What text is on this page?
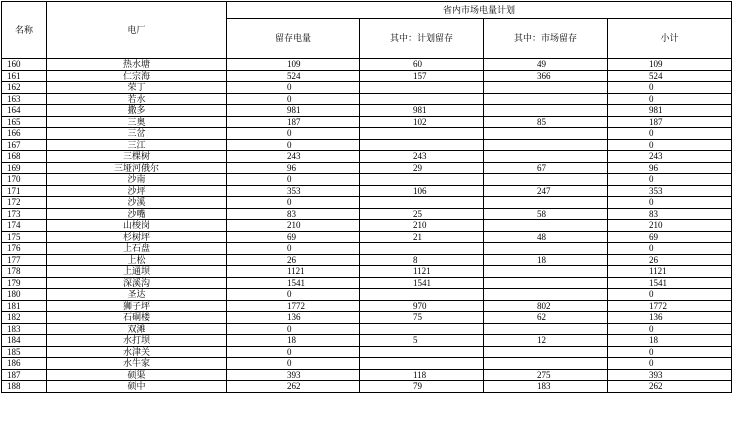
名称	电厂	省内市场电量计划			
		留存电量	其中：计划留存	其中：市场留存	小计
160	热水塘	109	60	49	109
161	仁宗海	524	157	366	524
162	荣丁	0			0
163	若水	0			0
164	撒多	981	981		981
165	三奥	187	102	85	187
166	三岔	0			0
167	三江	0			0
168	三棵树	243	243		243
169	三垭河俄尔	96	29	67	96
170	沙南	0			0
171	沙坪	353	106	247	353
172	沙溪	0			0
173	沙嘴	83	25	58	83
174	山梭岗	210	210		210
175	杉树坪	69	21	48	69
176	上石盘	0			0
177	上松	26	8	18	26
178	上通坝	1121	1121		1121
179	深溪沟	1541	1541		1541
180	圣达	0			0
181	狮子坪	1772	970	802	1772
182	石硐楼	136	75	62	136
183	双滩	0			0
184	水打坝	18	5	12	18
185	水津关	0			0
186	水牛家	0			0
187	硕渠	393	118	275	393
188	硕中	262	79	183	262
